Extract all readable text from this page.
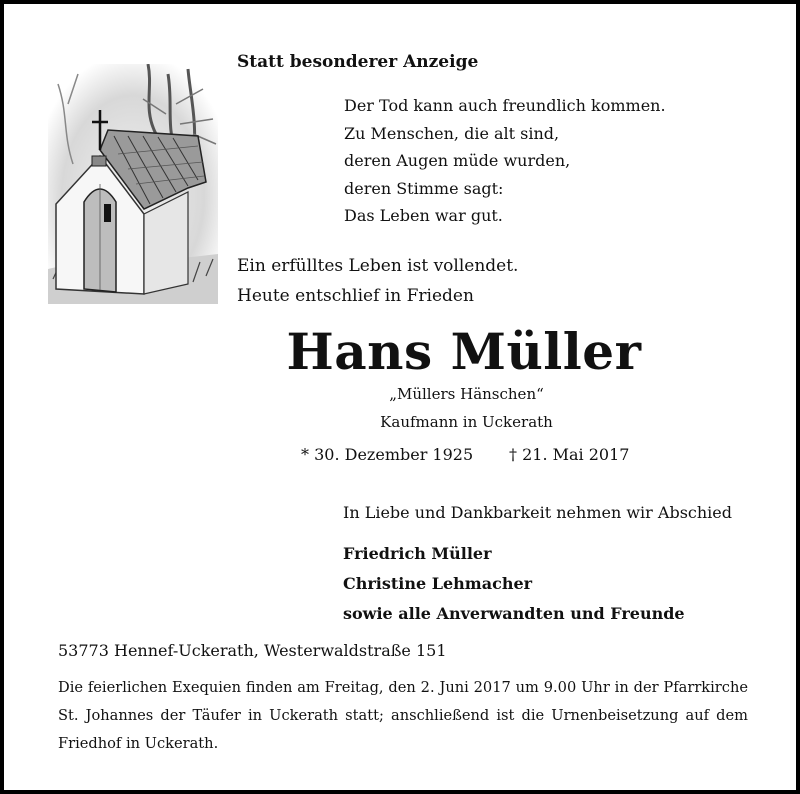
Statt besonderer Anzeige
Der Tod kann auch freundlich kommen.
Zu Menschen, die alt sind,
deren Augen müde wurden,
deren Stimme sagt:
Das Leben war gut.
Ein erfülltes Leben ist vollendet.
Heute entschlief in Frieden
Hans Müller
„Müllers Hänschen“
Kaufmann in Uckerath
* 30. Dezember 1925 † 21. Mai 2017
In Liebe und Dankbarkeit nehmen wir Abschied
Friedrich Müller
Christine Lehmacher
sowie alle Anverwandten und Freunde
53773 Hennef-Uckerath, Westerwaldstraße 151
Die feierlichen Exequien finden am Freitag, den 2. Juni 2017 um 9.00 Uhr in der Pfarrkirche St. Johannes der Täufer in Uckerath statt; anschließend ist die Urnenbeisetzung auf dem Friedhof in Uckerath.
